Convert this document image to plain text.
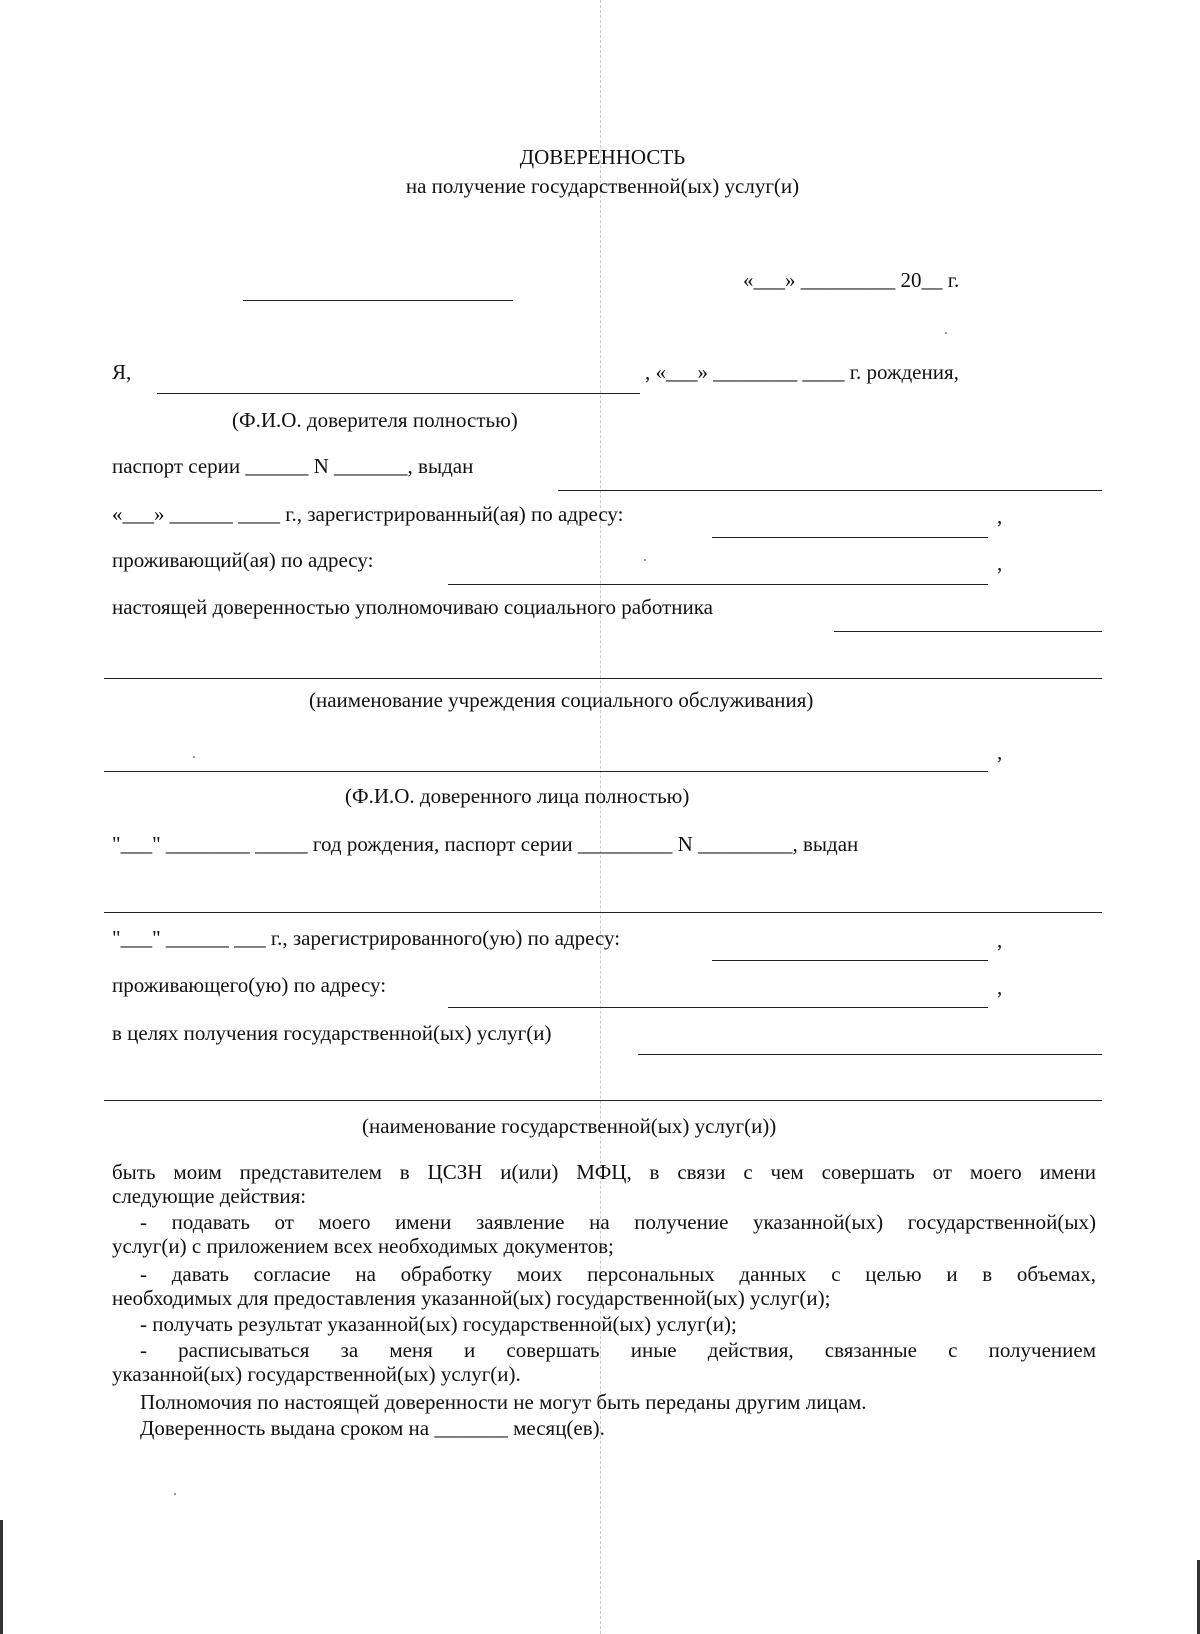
ДОВЕРЕННОСТЬ
на получение государственной(ых) услуг(и)
«___» _________ 20__ г.
Я,	, «___» ________ ____ г. рождения,
(Ф.И.О. доверителя полностью)
паспорт серии ______ N _______, выдан
«___» ______ ____ г., зарегистрированный(ая) по адресу:	,
проживающий(ая) по адресу:	,
настоящей доверенностью уполномочиваю социального работника
(наименование учреждения социального обслуживания)
,
(Ф.И.О. доверенного лица полностью)
"___" ________ _____ год рождения, паспорт серии _________ N _________, выдан
"___" ______ ___ г., зарегистрированного(ую) по адресу:	,
проживающего(ую) по адресу:	,
в целях получения государственной(ых) услуг(и)
(наименование государственной(ых) услуг(и))
быть моим представителем в ЦСЗН и(или) МФЦ, в связи с чем совершать от моего имени
следующие действия:
- подавать от моего имени заявление на получение указанной(ых) государственной(ых)
услуг(и) с приложением всех необходимых документов;
- давать согласие на обработку моих персональных данных с целью и в объемах,
необходимых для предоставления указанной(ых) государственной(ых) услуг(и);
- получать результат указанной(ых) государственной(ых) услуг(и);
- расписываться за меня и совершать иные действия, связанные с получением
указанной(ых) государственной(ых) услуг(и).
Полномочия по настоящей доверенности не могут быть переданы другим лицам.
Доверенность выдана сроком на _______ месяц(ев).
